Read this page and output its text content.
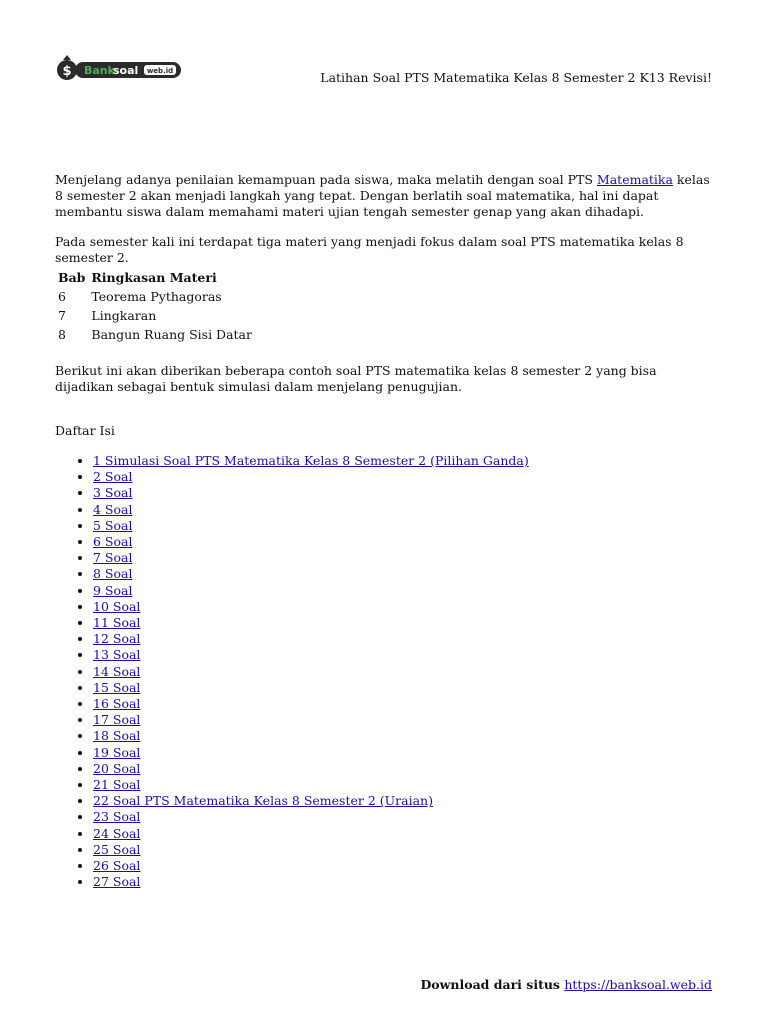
$ Bank
soal web.id	Latihan Soal PTS Matematika Kelas 8 Semester 2 K13 Revisi!

Menjelang adanya penilaian kemampuan pada siswa, maka melatih dengan soal PTS Matematika kelas 8 semester 2 akan menjadi langkah yang tepat. Dengan berlatih soal matematika, hal ini dapat membantu siswa dalam memahami materi ujian tengah semester genap yang akan dihadapi.

Pada semester kali ini terdapat tiga materi yang menjadi fokus dalam soal PTS matematika kelas 8 semester 2.

Bab	Ringkasan Materi
6	Teorema Pythagoras
7	Lingkaran
8	Bangun Ruang Sisi Datar

Berikut ini akan diberikan beberapa contoh soal PTS matematika kelas 8 semester 2 yang bisa dijadikan sebagai bentuk simulasi dalam menjelang penugujian.

Daftar Isi
• 1 Simulasi Soal PTS Matematika Kelas 8 Semester 2 (Pilihan Ganda)
• 2 Soal
• 3 Soal
• 4 Soal
• 5 Soal
• 6 Soal
• 7 Soal
• 8 Soal
• 9 Soal
• 10 Soal
• 11 Soal
• 12 Soal
• 13 Soal
• 14 Soal
• 15 Soal
• 16 Soal
• 17 Soal
• 18 Soal
• 19 Soal
• 20 Soal
• 21 Soal
• 22 Soal PTS Matematika Kelas 8 Semester 2 (Uraian)
• 23 Soal
• 24 Soal
• 25 Soal
• 26 Soal
• 27 Soal
Download dari situs https://banksoal.web.id
